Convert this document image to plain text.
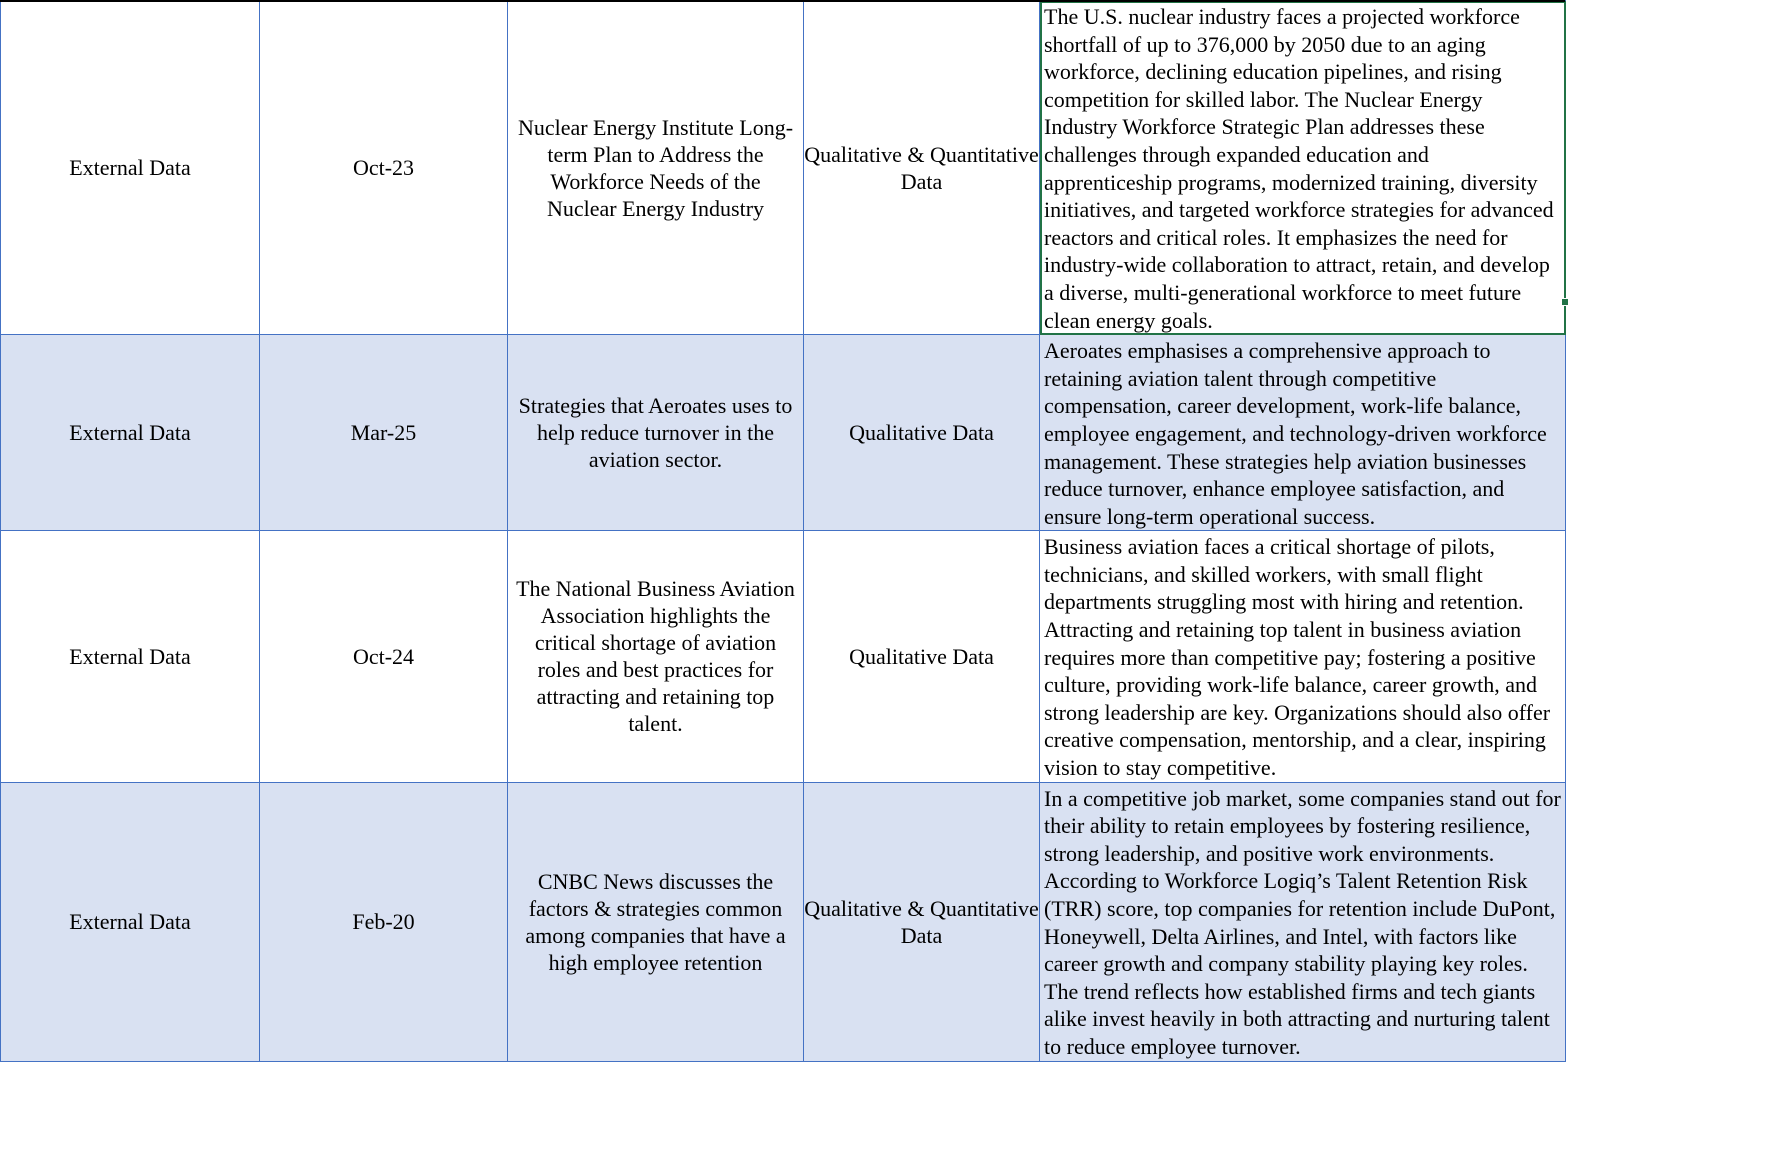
External Data	Oct-23	Nuclear Energy Institute Long-term Plan to Address the Workforce Needs of the Nuclear Energy Industry	Qualitative & Quantitative Data	The U.S. nuclear industry faces a projected workforce shortfall of up to 376,000 by 2050 due to an aging workforce, declining education pipelines, and rising competition for skilled labor. The Nuclear Energy Industry Workforce Strategic Plan addresses these challenges through expanded education and apprenticeship programs, modernized training, diversity initiatives, and targeted workforce strategies for advanced reactors and critical roles. It emphasizes the need for industry-wide collaboration to attract, retain, and develop a diverse, multi-generational workforce to meet future clean energy goals.
External Data	Mar-25	Strategies that Aeroates uses to help reduce turnover in the aviation sector.	Qualitative Data	Aeroates emphasises a comprehensive approach to retaining aviation talent through competitive compensation, career development, work-life balance, employee engagement, and technology-driven workforce management. These strategies help aviation businesses reduce turnover, enhance employee satisfaction, and ensure long-term operational success.
External Data	Oct-24	The National Business Aviation Association highlights the critical shortage of aviation roles and best practices for attracting and retaining top talent.	Qualitative Data	Business aviation faces a critical shortage of pilots, technicians, and skilled workers, with small flight departments struggling most with hiring and retention. Attracting and retaining top talent in business aviation requires more than competitive pay; fostering a positive culture, providing work-life balance, career growth, and strong leadership are key. Organizations should also offer creative compensation, mentorship, and a clear, inspiring vision to stay competitive.
External Data	Feb-20	CNBC News discusses the factors & strategies common among companies that have a high employee retention	Qualitative & Quantitative Data	In a competitive job market, some companies stand out for their ability to retain employees by fostering resilience, strong leadership, and positive work environments. According to Workforce Logiq’s Talent Retention Risk (TRR) score, top companies for retention include DuPont, Honeywell, Delta Airlines, and Intel, with factors like career growth and company stability playing key roles. The trend reflects how established firms and tech giants alike invest heavily in both attracting and nurturing talent to reduce employee turnover.
